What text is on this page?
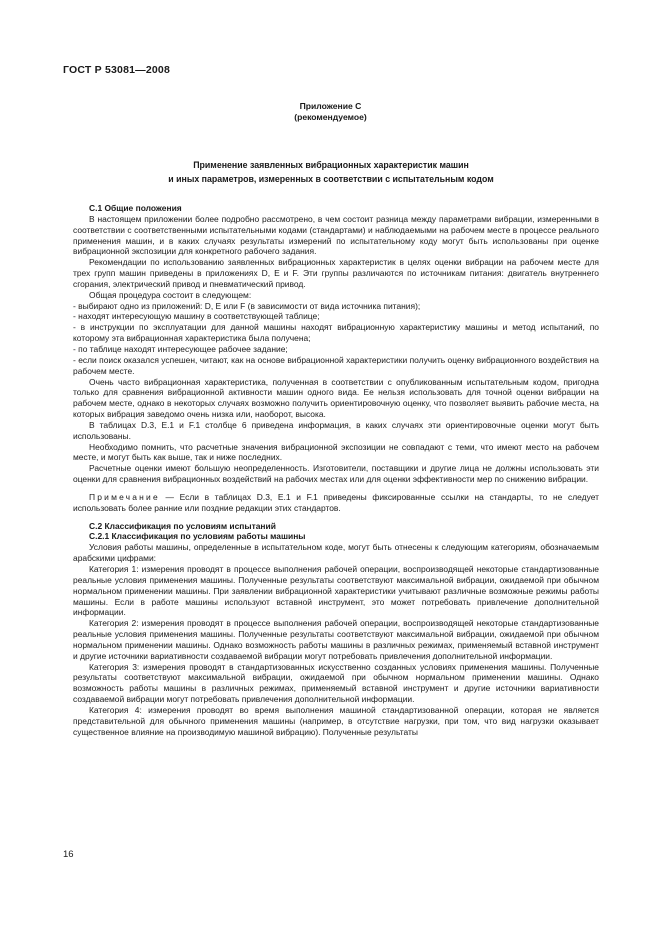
ГОСТ Р 53081—2008
Приложение С
(рекомендуемое)
Применение заявленных вибрационных характеристик машин
и иных параметров, измеренных в соответствии с испытательным кодом

С.1 Общие положения

В настоящем приложении более подробно рассмотрено, в чем состоит разница между параметрами вибрации, измеренными в соответствии с соответственными испытательными кодами (стандартами) и наблюдаемыми на рабочем месте в процессе реального применения машин, и в каких случаях результаты измерений по испытательному коду могут быть использованы при оценке вибрационной экспозиции для конкретного рабочего задания.

Рекомендации по использованию заявленных вибрационных характеристик в целях оценки вибрации на рабочем месте для трех групп машин приведены в приложениях D, E и F. Эти группы различаются по источникам питания: двигатель внутреннего сгорания, электрический привод и пневматический привод.

Общая процедура состоит в следующем:

- выбирают одно из приложений: D, E или F (в зависимости от вида источника питания);

- находят интересующую машину в соответствующей таблице;

- в инструкции по эксплуатации для данной машины находят вибрационную характеристику машины и метод испытаний, по которому эта вибрационная характеристика была получена;

- по таблице находят интересующее рабочее задание;

- если поиск оказался успешен, читают, как на основе вибрационной характеристики получить оценку вибрационного воздействия на рабочем месте.

Очень часто вибрационная характеристика, полученная в соответствии с опубликованным испытательным кодом, пригодна только для сравнения вибрационной активности машин одного вида. Ее нельзя использовать для точной оценки вибрации на рабочем месте, однако в некоторых случаях возможно получить ориентировочную оценку, что позволяет выявить рабочие места, на которых вибрация заведомо очень низка или, наоборот, высока.

В таблицах D.3, E.1 и F.1 столбце 6 приведена информация, в каких случаях эти ориентировочные оценки могут быть использованы.

Необходимо помнить, что расчетные значения вибрационной экспозиции не совпадают с теми, что имеют место на рабочем месте, и могут быть как выше, так и ниже последних.

Расчетные оценки имеют большую неопределенность. Изготовители, поставщики и другие лица не должны использовать эти оценки для сравнения вибрационных воздействий на рабочих местах или для оценки эффективности мер по снижению вибрации.

Примечание — Если в таблицах D.3, E.1 и F.1 приведены фиксированные ссылки на стандарты, то не следует использовать более ранние или поздние редакции этих стандартов.

С.2 Классификация по условиям испытаний

С.2.1 Классификация по условиям работы машины

Условия работы машины, определенные в испытательном коде, могут быть отнесены к следующим категориям, обозначаемым арабскими цифрами:

Категория 1: измерения проводят в процессе выполнения рабочей операции, воспроизводящей некоторые стандартизованные реальные условия применения машины. Полученные результаты соответствуют максимальной вибрации, ожидаемой при обычном нормальном применении машины. При заявлении вибрационной характеристики учитывают различные возможные режимы работы машины. Если в работе машины используют вставной инструмент, это может потребовать привлечение дополнительной информации.

Категория 2: измерения проводят в процессе выполнения рабочей операции, воспроизводящей некоторые стандартизованные реальные условия применения машины. Полученные результаты соответствуют максимальной вибрации, ожидаемой при обычном нормальном применении машины. Однако возможность работы машины в различных режимах, применяемый вставной инструмент и другие источники вариативности создаваемой вибрации могут потребовать привлечения дополнительной информации.

Категория 3: измерения проводят в стандартизованных искусственно созданных условиях применения машины. Полученные результаты соответствуют максимальной вибрации, ожидаемой при обычном нормальном применении машины. Однако возможность работы машины в различных режимах, применяемый вставной инструмент и другие источники вариативности создаваемой вибрации могут потребовать привлечения дополнительной информации.

Категория 4: измерения проводят во время выполнения машиной стандартизованной операции, которая не является представительной для обычного применения машины (например, в отсутствие нагрузки, при том, что вид нагрузки оказывает существенное влияние на производимую машиной вибрацию). Полученные результаты

16
